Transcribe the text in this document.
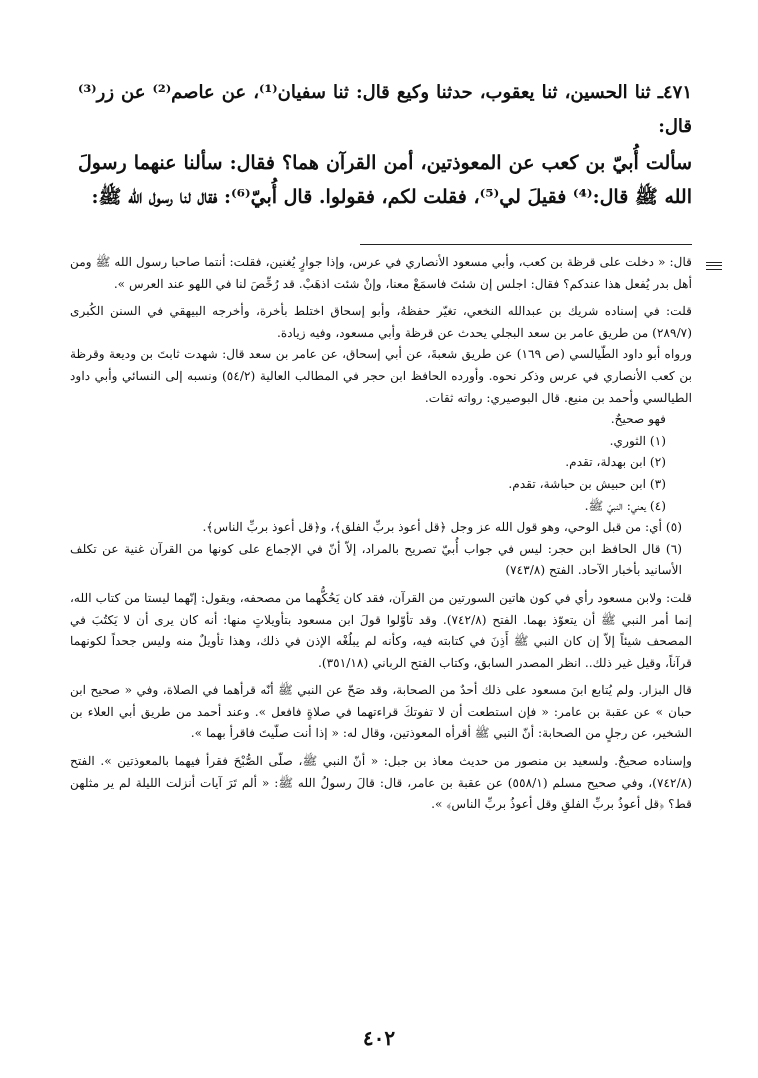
٤٧١ـ ثنا الحسين، ثنا يعقوب، حدثنا وكيع قال: ثنا سفيان⁽¹⁾، عن عاصم⁽²⁾ عن زر⁽³⁾ قال:

سألت أُبيّ بن كعب عن المعوذتين، أمن القرآن هما؟ فقال: سألنا عنهما رسولَ الله ﷺ قال:⁽⁴⁾ فقيلَ لي⁽⁵⁾، فقلت لكم، فقولوا. قال أُبيّ⁽⁶⁾: فقال لنا رسول الله ﷺ:

قال: « دخلت على قرظة بن كعب، وأبي مسعود الأنصاري في عرس، وإذا جوارٍ يُغنين، فقلت: أنتما صاحبا رسول الله ﷺ ومن أهل بدر يُفعل هذا عندكم؟ فقال: اجلس إن شئتَ فاسمَعْ معنا، وإنْ شئت اذهَبْ. قد رُخِّصَ لنا في اللهو عند العرس ».

قلت: في إسناده شريك بن عبدالله النخعي، تغيّر حفظهُ، وأبو إسحاق اختلط بأخرة، وأخرجه البيهقي في السنن الكُبرى (٢٨٩/٧) من طريق عامر بن سعد البجلي يحدث عن قرظة وأبي مسعود، وفيه زيادة.

ورواه أبو داود الطّيالسي (ص ١٦٩) عن طريق شعبةَ، عن أبي إسحاق، عن عامر بن سعد قال: شهدت ثابتَ بن وديعة وقرظة بن كعب الأنصاري في عرس وذكر نحوه. وأورده الحافظ ابن حجر في المطالب العالية (٥٤/٢) ونسبه إلى النسائي وأبي داود الطيالسي وأحمد بن منيع. قال البوصيري: رواته ثقات.

فهو صحيحٌ.

(١) الثوري.

(٢) ابن بهدلة، تقدم.

(٣) ابن حبيش بن حباشة، تقدم.

(٤) يعني: النبيّ ﷺ.

(٥) أي: من قبل الوحي، وهو قول الله عز وجل ﴿قل أعوذ بربِّ الفلق﴾، و﴿قل أعوذ بربِّ الناس﴾.

(٦) قال الحافظ ابن حجر: ليس في جواب أُبيّ تصريح بالمراد، إلاّ أنّ في الإجماع على كونها من القرآن غنية عن تكلف الأسانيد بأخبار الآحاد. الفتح (٧٤٣/٨)

قلت: ولابن مسعود رأي في كون هاتين السورتين من القرآن، فقد كان يَحُكُّهما من مصحفه، ويقول: إنّهما ليستا من كتاب الله، إنما أمر النبي ﷺ أن يتعوّذ بهما. الفتح (٧٤٢/٨). وقد تأوّلوا قولَ ابن مسعود بتأويلاتٍ منها: أنه كان يرى أن لا يَكتُبَ في المصحف شيئاً إلاّ إن كان النبي ﷺ أَذِنَ في كتابته فيه، وكأنه لم يبلُغْه الإذن في ذلك، وهذا تأويلٌ منه وليس جحداً لكونهما قرآناً، وقيل غير ذلك.. انظر المصدر السابق، وكتاب الفتح الرباني (٣٥١/١٨).

قال البزار. ولم يُتابع ابنَ مسعود على ذلك أحدٌ من الصحابة، وقد صَحّ عن النبي ﷺ أنّه قرأهما في الصلاة، وفي « صحيح ابن حبان » عن عقبة بن عامر: « فإن استطعت أن لا تفوتكَ قراءتهما في صلاةٍ فافعل ». وعند أحمد من طريق أبي العلاء بن الشخير، عن رجلٍ من الصحابة: أنّ النبي ﷺ أقرأه المعوذتين، وقال له: « إذا أنت صلّيتَ فاقرأ بهما ».

وإسناده صحيحٌ. ولسعيد بن منصور من حديث معاذ بن جبل: « أنّ النبي ﷺ، صلّى الصُّبْحَ فقرأ فيهما بالمعوذتين ». الفتح (٧٤٢/٨)، وفي صحيح مسلم (٥٥٨/١) عن عقبة بن عامر، قال: قالَ رسولُ الله ﷺ: « ألم تَرَ آيات أنزلت الليلة لم ير مثلهن قط؟ ﴿قل أعوذُ بربِّ الفلقِ وقل أعوذُ بربِّ الناس﴾ ».

٤٠٢
